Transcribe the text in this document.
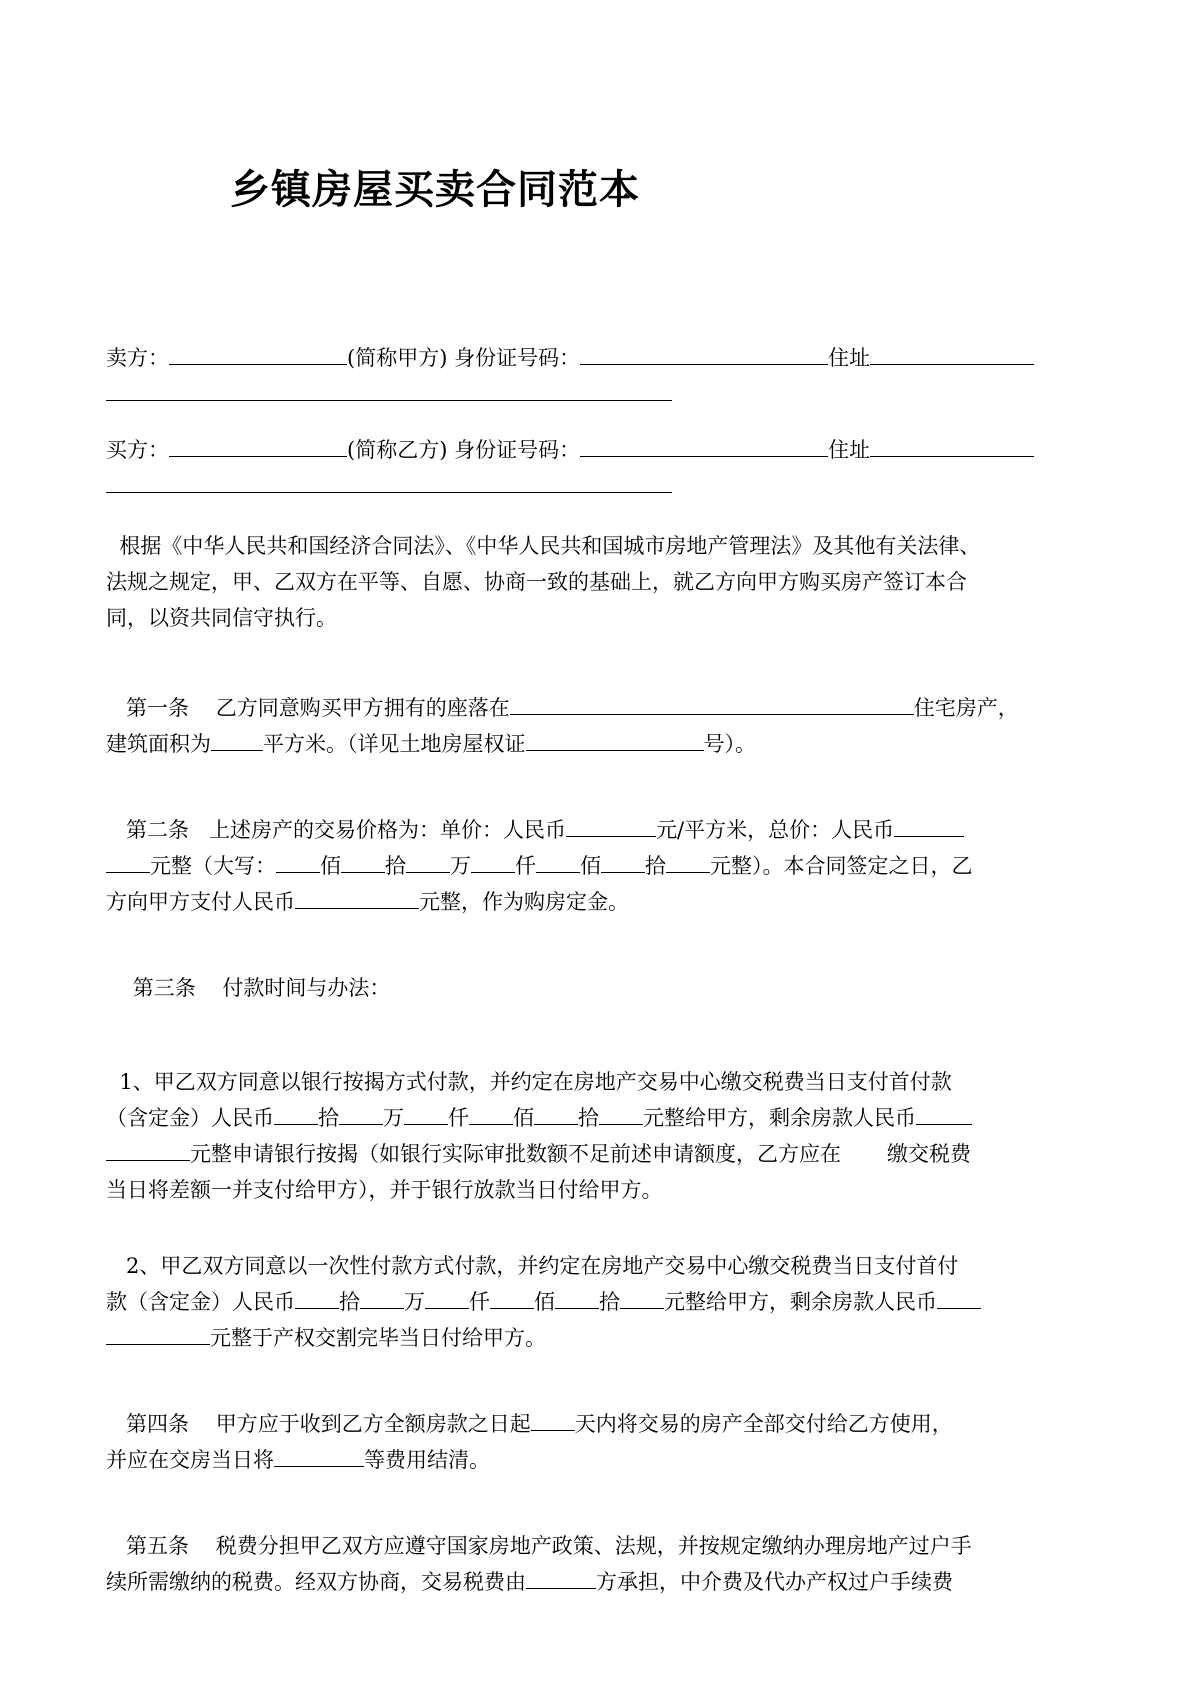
乡镇房屋买卖合同范本
卖方：	(简称甲方) 身份证号码：	住址
买方：	(简称乙方) 身份证号码：	住址
根据《中华人民共和国经济合同法》、《中华人民共和国城市房地产管理法》及其他有关法律、
法规之规定，甲、乙双方在平等、自愿、协商一致的基础上，就乙方向甲方购买房产签订本合
同，以资共同信守执行。
第一条 乙方同意购买甲方拥有的座落在	住宅房产，
建筑面积为 平方米。（详见土地房屋权证	号）。
第二条 上述房产的交易价格为：单价：人民币	元/平方米，总价：人民币
元整（大写： 佰 拾 万 仟 佰 拾 元整）。本合同签定之日，乙
方向甲方支付人民币	元整，作为购房定金。
第三条 付款时间与办法：
1、甲乙双方同意以银行按揭方式付款，并约定在房地产交易中心缴交税费当日支付首付款
（含定金）人民币 拾 万 仟 佰 拾 元整给甲方，剩余房款人民币
元整申请银行按揭（如银行实际审批数额不足前述申请额度，乙方应在 缴交税费
当日将差额一并支付给甲方），并于银行放款当日付给甲方。
2、甲乙双方同意以一次性付款方式付款，并约定在房地产交易中心缴交税费当日支付首付
款（含定金）人民币 拾 万 仟 佰 拾 元整给甲方，剩余房款人民币
元整于产权交割完毕当日付给甲方。
第四条 甲方应于收到乙方全额房款之日起 天内将交易的房产全部交付给乙方使用，
并应在交房当日将	等费用结清。
第五条 税费分担甲乙双方应遵守国家房地产政策、法规，并按规定缴纳办理房地产过户手
续所需缴纳的税费。经双方协商，交易税费由	方承担，中介费及代办产权过户手续费
